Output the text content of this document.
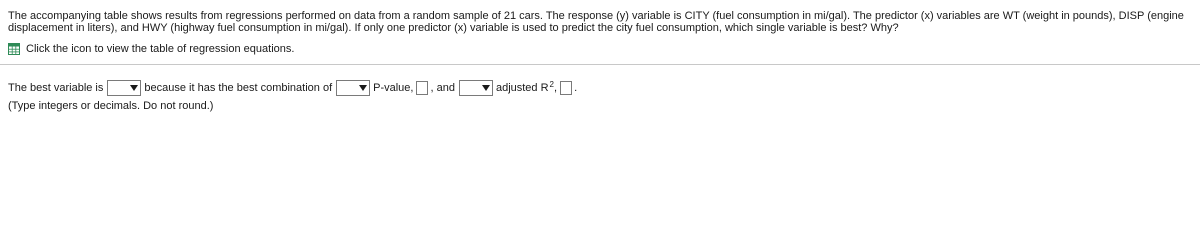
The accompanying table shows results from regressions performed on data from a random sample of 21 cars. The response (y) variable is CITY (fuel consumption in mi/gal). The predictor (x) variables are WT (weight in pounds), DISP (engine displacement in liters), and HWY (highway fuel consumption in mi/gal). If only one predictor (x) variable is used to predict the city fuel consumption, which single variable is best? Why?

Click the icon to view the table of regression equations.
The best variable is	because it has the best combination of	P-value, , and	adjusted R 2 , .
(Type integers or decimals. Do not round.)
